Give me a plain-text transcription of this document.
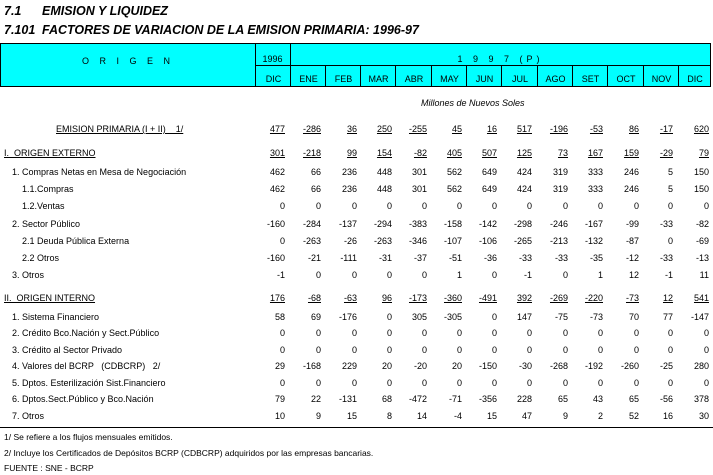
7.1 EMISION Y LIQUIDEZ
7.101 FACTORES DE VARIACION DE LA EMISION PRIMARIA: 1996-97
O R I G E N	1996	1 9 9 7 (P)
DIC	ENE	FEB	MAR	ABR	MAY	JUN	JUL	AGO	SET	OCT	NOV	DIC
Millones de Nuevos Soles
EMISION PRIMARIA (I + II)    1/	477 -286	36 250 -255	45	16 517 -196 -53	86 -17 620
I.  ORIGEN EXTERNO	301 -218	99 154 -82 405 507 125	73 167 159 -29	79
1. Compras Netas en Mesa de Negociación	462	66 236 448 301 562 649 424 319 333 246	5 150
1.1.Compras	462	66 236 448 301 562 649 424 319 333 246	5 150
1.2.Ventas	0	0	0	0	0	0	0	0	0	0	0	0	0
2. Sector Público	-160 -284 -137 -294 -383 -158 -142 -298 -246 -167	-99 -33	-82
2.1 Deuda Pública Externa	0 -263	-26 -263 -346 -107 -106 -265 -213 -132	-87	0	-69
2.2 Otros	-160	-21 -111 -31 -37 -51 -36 -33	-33 -35	-12 -33	-13
3. Otros	-1	0	0	0	0	1	0	-1	0	1	12	-1	11
II.  ORIGEN INTERNO	176	-68	-63	96 -173 -360 -491 392 -269 -220	-73	12 541
1. Sistema Financiero	58	69 -176	0 305 -305	0 147	-75 -73	70	77 -147
2. Crédito Bco.Nación y Sect.Público	0	0	0	0	0	0	0	0	0	0	0	0	0
3. Crédito al Sector Privado	0	0	0	0	0	0	0	0	0	0	0	0	0
4. Valores del BCRP   (CDBCRP)   2/	29 -168 229	20 -20	20 -150 -30 -268 -192 -260 -25 280
5. Dptos. Esterilización Sist.Financiero	0	0	0	0	0	0	0	0	0	0	0	0	0
6. Dptos.Sect.Público y Bco.Nación	79	22 -131	68 -472 -71 -356 228	65	43	65 -56 378
7. Otros	10	9	15	8	14	-4	15	47	9	2	52	16	30
1/ Se refiere a los flujos mensuales emitidos.
2/ Incluye los Certificados de Depósitos BCRP (CDBCRP) adquiridos por las empresas bancarias.
FUENTE : SNE - BCRP
